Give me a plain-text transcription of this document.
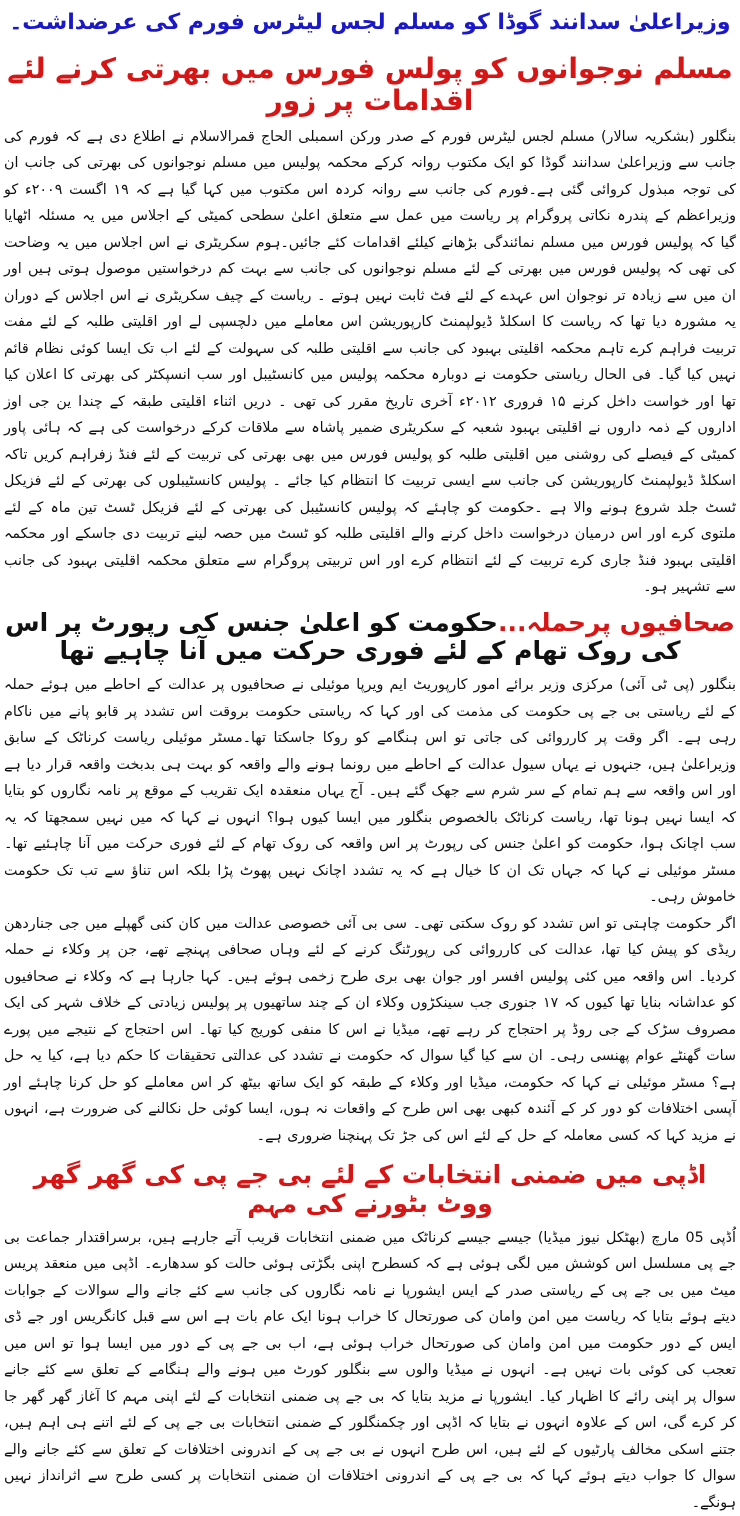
وزیراعلیٰ سدانند گوڈا کو مسلم لجس لیٹرس فورم کی عرضداشت۔
مسلم نوجوانوں کو پولس فورس میں بھرتی کرنے لئے اقدامات پر زور

بنگلور (بشکریہ سالار) مسلم لجس لیٹرس فورم کے صدر ورکن اسمبلی الحاج قمرالاسلام نے اطلاع دی ہے کہ فورم کی جانب سے وزیراعلیٰ سدانند گوڈا کو ایک مکتوب روانہ کرکے محکمہ پولیس میں مسلم نوجوانوں کی بھرتی کی جانب ان کی توجہ مبذول کروائی گئی ہے۔فورم کی جانب سے روانہ کردہ اس مکتوب میں کہا گیا ہے کہ ۱۹ اگست ۲۰۰۹ء کو وزیراعظم کے پندرہ نکاتی پروگرام پر ریاست میں عمل سے متعلق اعلیٰ سطحی کمیٹی کے اجلاس میں یہ مسئلہ اٹھایا گیا کہ پولیس فورس میں مسلم نمائندگی بڑھانے کیلئے اقدامات کئے جائیں۔ہوم سکریٹری نے اس اجلاس میں یہ وضاحت کی تھی کہ پولیس فورس میں بھرتی کے لئے مسلم نوجوانوں کی جانب سے بہت کم درخواستیں موصول ہوتی ہیں اور ان میں سے زیادہ تر نوجوان اس عہدے کے لئے فٹ ثابت نہیں ہوتے ۔ ریاست کے چیف سکریٹری نے اس اجلاس کے دوران یہ مشورہ دیا تھا کہ ریاست کا اسکلڈ ڈیولپمنٹ کارپوریشن اس معاملے میں دلچسپی لے اور اقلیتی طلبہ کے لئے مفت تربیت فراہم کرے تاہم محکمہ اقلیتی بہبود کی جانب سے اقلیتی طلبہ کی سہولت کے لئے اب تک ایسا کوئی نظام قائم نہیں کیا گیا۔ فی الحال ریاستی حکومت نے دوبارہ محکمہ پولیس میں کانسٹیبل اور سب انسپکٹر کی بھرتی کا اعلان کیا تھا اور خواست داخل کرنے ۱۵ فروری ۲۰۱۲ء آخری تاریخ مقرر کی تھی ۔ دریں اثناء اقلیتی طبقہ کے چندا ین جی اوز اداروں کے ذمہ داروں نے اقلیتی بہبود شعبہ کے سکریٹری ضمیر پاشاہ سے ملاقات کرکے درخواست کی ہے کہ ہائی پاور کمیٹی کے فیصلے کی روشنی میں اقلیتی طلبہ کو پولیس فورس میں بھی بھرتی کی تربیت کے لئے فنڈ زفراہم کریں تاکہ اسکلڈ ڈیولپمنٹ کارپوریشن کی جانب سے ایسی تربیت کا انتظام کیا جائے ۔ پولیس کانسٹیبلوں کی بھرتی کے لئے فزیکل ٹسٹ جلد شروع ہونے والا ہے ۔حکومت کو چاہئے کہ پولیس کانسٹیبل کی بھرتی کے لئے فزیکل ٹسٹ تین ماہ کے لئے ملتوی کرے اور اس درمیان درخواست داخل کرنے والے اقلیتی طلبہ کو ٹسٹ میں حصہ لینے تربیت دی جاسکے اور محکمہ اقلیتی بہبود فنڈ جاری کرے تربیت کے لئے انتظام کرے اور اس تربیتی پروگرام سے متعلق محکمہ اقلیتی بہبود کی جانب سے تشہیر ہو۔

صحافیوں پرحملہ...حکومت کو اعلیٰ جنس کی رپورٹ پر اس کی روک تھام کے لئے فوری حرکت میں آنا چاہیے تھا

بنگلور (پی ٹی آئی) مرکزی وزیر برائے امور کارپوریٹ ایم ویرپا موئیلی نے صحافیوں پر عدالت کے احاطے میں ہوئے حملہ کے لئے ریاستی بی جے پی حکومت کی مذمت کی اور کہا کہ ریاستی حکومت بروقت اس تشدد پر قابو پانے میں ناکام رہی ہے۔ اگر وقت پر کارروائی کی جاتی تو اس ہنگامے کو روکا جاسکتا تھا۔مسٹر موئیلی ریاست کرناٹک کے سابق وزیراعلیٰ ہیں، جنہوں نے یہاں سیول عدالت کے احاطے میں رونما ہونے والے واقعہ کو بہت ہی بدبخت واقعہ قرار دیا ہے اور اس واقعہ سے ہم تمام کے سر شرم سے جھک گئے ہیں۔ آج یہاں منعقدہ ایک تقریب کے موقع پر نامہ نگاروں کو بتایا کہ ایسا نہیں ہونا تھا، ریاست کرناٹک بالخصوص بنگلور میں ایسا کیوں ہوا؟ انہوں نے کہا کہ میں نہیں سمجھتا کہ یہ سب اچانک ہوا، حکومت کو اعلیٰ جنس کی رپورٹ پر اس واقعہ کی روک تھام کے لئے فوری حرکت میں آنا چاہئیے تھا۔مسٹر موئیلی نے کہا کہ جہاں تک ان کا خیال ہے کہ یہ تشدد اچانک نہیں پھوٹ پڑا بلکہ اس تناؤ سے تب تک حکومت خاموش رہی۔

اگر حکومت چاہتی تو اس تشدد کو روک سکتی تھی۔ سی بی آئی خصوصی عدالت میں کان کنی گھپلے میں جی جناردھن ریڈی کو پیش کیا تھا، عدالت کی کارروائی کی رپورٹنگ کرنے کے لئے وہاں صحافی پہنچے تھے، جن پر وکلاء نے حملہ کردیا۔ اس واقعہ میں کئی پولیس افسر اور جوان بھی بری طرح زخمی ہوئے ہیں۔ کہا جارہا ہے کہ وکلاء نے صحافیوں کو عداشانہ بنایا تھا کیوں کہ ۱۷ جنوری جب سینکڑوں وکلاء ان کے چند ساتھیوں پر پولیس زیادتی کے خلاف شہر کی ایک مصروف سڑک کے جی روڈ پر احتجاج کر رہے تھے، میڈیا نے اس کا منفی کوریج کیا تھا۔ اس احتجاج کے نتیجے میں پورے سات گھنٹے عوام پھنسی رہی۔ ان سے کیا گیا سوال کہ حکومت نے تشدد کی عدالتی تحقیقات کا حکم دیا ہے، کیا یہ حل ہے؟ مسٹر موئیلی نے کہا کہ حکومت، میڈیا اور وکلاء کے طبقہ کو ایک ساتھ بیٹھ کر اس معاملے کو حل کرنا چاہئے اور آپسی اختلافات کو دور کر کے آئندہ کبھی بھی اس طرح کے واقعات نہ ہوں، ایسا کوئی حل نکالنے کی ضرورت ہے، انہوں نے مزید کہا کہ کسی معاملہ کے حل کے لئے اس کی جڑ تک پہنچنا ضروری ہے۔

اڈپی میں ضمنی انتخابات کے لئے بی جے پی کی گھر گھر ووٹ بٹورنے کی مہم

اُڈپی 05 مارچ (بھٹکل نیوز میڈیا) جیسے جیسے کرناٹک میں ضمنی انتخابات قریب آتے جارہے ہیں، برسراقتدار جماعت بی جے پی مسلسل اس کوشش میں لگی ہوئی ہے کہ کسطرح اپنی بگڑتی ہوئی حالت کو سدھارے۔ اڈپی میں منعقد پریس میٹ میں بی جے پی کے ریاستی صدر کے ایس ایشورپا نے نامہ نگاروں کی جانب سے کئے جانے والے سوالات کے جوابات دیتے ہوئے بتایا کہ ریاست میں امن وامان کی صورتحال کا خراب ہونا ایک عام بات ہے اس سے قبل کانگریس اور جے ڈی ایس کے دور حکومت میں امن وامان کی صورتحال خراب ہوئی ہے، اب بی جے پی کے دور میں ایسا ہوا تو اس میں تعجب کی کوئی بات نہیں ہے۔ انہوں نے میڈیا والوں سے بنگلور کورٹ میں ہونے والے ہنگامے کے تعلق سے کئے جانے سوال پر اپنی رائے کا اظہار کیا۔ ایشورپا نے مزید بتایا کہ بی جے پی ضمنی انتخابات کے لئے اپنی مہم کا آغاز گھر گھر جا کر کرے گی، اس کے علاوہ انہوں نے بتایا کہ اڈپی اور چکمنگلور کے ضمنی انتخابات بی جے پی کے لئے اتنے ہی اہم ہیں، جتنے اسکی مخالف پارٹیوں کے لئے ہیں، اس طرح انہوں نے بی جے پی کے اندرونی اختلافات کے تعلق سے کئے جانے والے سوال کا جواب دیتے ہوئے کہا کہ بی جے پی کے اندرونی اختلافات ان ضمنی انتخابات پر کسی طرح سے اثرانداز نہیں ہونگے۔
